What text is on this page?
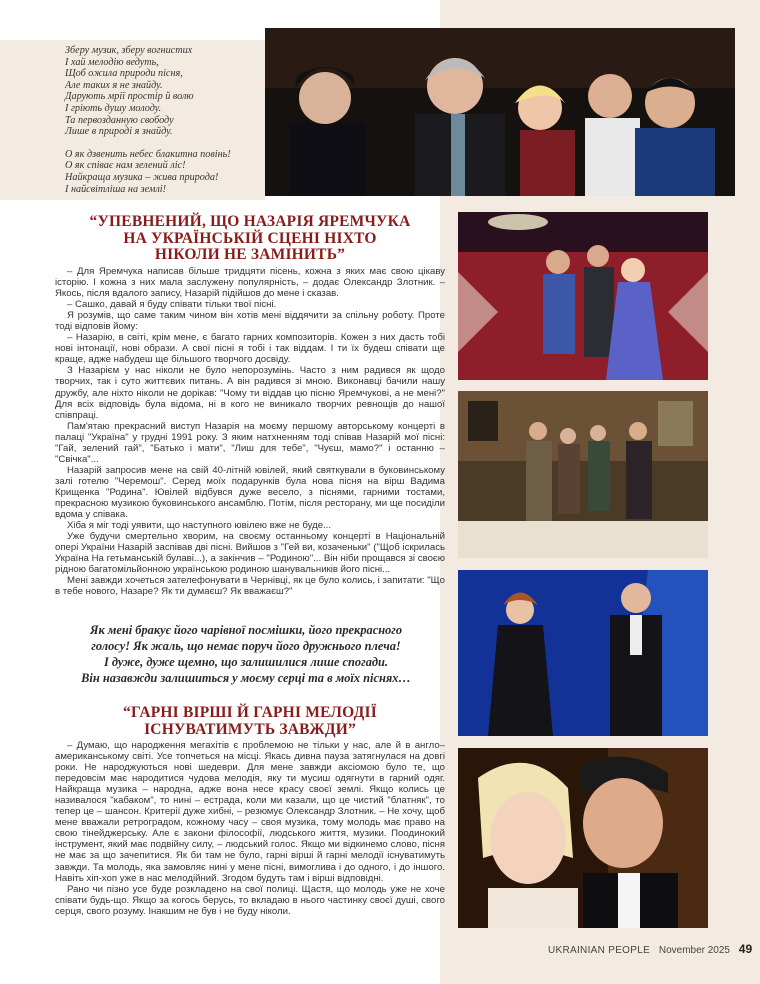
Зберу музик, зберу вогнистих
І хай мелодію ведуть,
Щоб ожила природи пісня,
Але таких я не знайду.
Дарують мрії простір й волю
І гріють душу молоду.
Та первозданную свободу
Лише в природі я знайду.
О як дзвенить небес блакитна повінь!
О як співає нам зелений ліс!
Найкраща музика – жива природа!
І найсвітліша на землі!
“УПЕВНЕНИЙ, ЩО НАЗАРІЯ ЯРЕМЧУКА
НА УКРАЇНСЬКІЙ СЦЕНІ НІХТО
НІКОЛИ НЕ ЗАМІНИТЬ”

– Для Яремчука написав більше тридцяти пісень, кожна з яких має свою цікаву історію. І кожна з них мала заслужену популярність, – додає Олександр Злотник. – Якось, після вдалого запису, Назарій підійшов до мене і сказав.

– Сашко, давай я буду співати тільки твої пісні.

Я розумів, що саме таким чином він хотів мені віддячити за спільну роботу. Проте тоді відповів йому:

– Назарію, в світі, крім мене, є багато гарних композиторів. Кожен з них дасть тобі нові інтонації, нові образи. А свої пісні я тобі і так віддам. І ти їх будеш співати ще краще, адже набудеш ще більшого творчого досвіду.

З Назарієм у нас ніколи не було непорозумінь. Часто з ним радився як щодо творчих, так і суто життєвих питань. А він радився зі мною. Виконавці бачили нашу дружбу, але ніхто ніколи не дорікав: "Чому ти віддав цю пісню Яремчукові, а не мені?" Для всіх відповідь була відома, ні в кого не виникало творчих ревнощів до нашої співпраці.

Пам'ятаю прекрасний виступ Назарія на моєму першому авторському концерті в палаці "Україна" у грудні 1991 року. З яким натхненням тоді співав Назарій мої пісні: "Гай, зелений гай", "Батько і мати", "Лиш для тебе", "Чуєш, мамо?" і останню – "Свічка"...

Назарій запросив мене на свій 40-літній ювілей, який святкували в буковинському залі готелю "Черемош". Серед моїх подарунків була нова пісня на вірш Вадима Крищенка "Родина". Ювілей відбувся дуже весело, з піснями, гарними тостами, прекрасною музикою буковинського ансамблю. Потім, після ресторану, ми ще посиділи вдома у співака.

Хіба я міг тоді уявити, що наступного ювілею вже не буде...

Уже будучи смертельно хворим, на своєму останньому концерті в Національній опері України Назарій заспівав дві пісні. Вийшов з "Гей ви, козаченьки" ("Щоб іскрилась Україна На гетьманській булаві...), а закінчив – "Родиною"... Він ніби прощався зі своєю рідною багатомільйонною українською родиною шанувальників його пісні...

Мені завжди хочеться зателефонувати в Чернівці, як це було колись, і запитати: "Що в тебе нового, Назаре? Як ти думаєш? Як вважаєш?"

Як мені бракує його чарівної посмішки, його прекрасного
голосу! Як жаль, що немає поруч його дружнього плеча!
І дуже, дуже щемно, що залишилися лише спогади.
Він назавжди залишиться у моєму серці та в моїх піснях…
“ГАРНІ ВІРШІ Й ГАРНІ МЕЛОДІЇ
ІСНУВАТИМУТЬ ЗАВЖДИ”

– Думаю, що народження мегахітів є проблемою не тільки у нас, але й в англо–американському світі. Усе топчеться на місці. Якась дивна пауза затягнулася на довгі роки. Не народжуються нові шедеври. Для мене завжди аксіомою було те, що передовсім має народитися чудова мелодія, яку ти мусиш одягнути в гарний одяг. Найкраща музика – народна, адже вона несе красу своєї землі. Якщо колись це називалося "кабаком", то нині – естрада, коли ми казали, що це чистий "блатняк", то тепер це – шансон. Критерії дуже хибні, – резюмує Олександр Злотник. – Не хочу, щоб мене вважали ретроградом, кожному часу – своя музика, тому молодь має право на свою тінейджерську. Але є закони філософії, людського життя, музики. Поодинокий інструмент, який має подвійну силу, – людський голос. Якщо ми відкинемо слово, пісня не має за що зачепитися. Як би там не було, гарні вірші й гарні мелодії існуватимуть завжди. Та молодь, яка замовляє нині у мене пісні, вимоглива і до одного, і до іншого. Навіть хіп-хоп уже в нас мелодійний. Згодом будуть там і вірші відповідні.

Рано чи пізно усе буде розкладено на свої полиці. Щастя, що молодь уже не хоче співати будь-що. Якщо за когось берусь, то вкладаю в нього частинку своєї душі, свого серця, свого розуму. Інакшим не був і не буду ніколи.

UKRAINIAN PEOPLE November 2025 49
